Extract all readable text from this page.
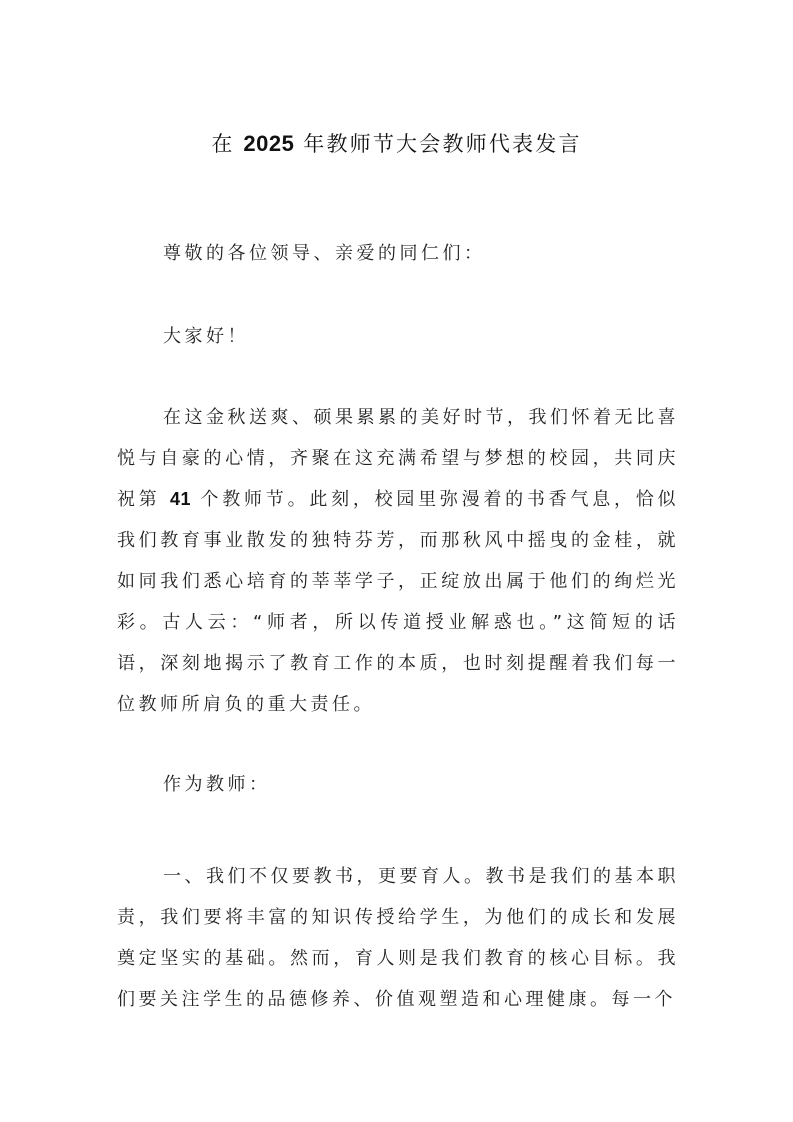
在 2025 年教师节大会教师代表发言

尊敬的各位领导、亲爱的同仁们：

大家好！

在这金秋送爽、硕果累累的美好时节，我们怀着无比喜悦与自豪的心情，齐聚在这充满希望与梦想的校园，共同庆祝第 41 个教师节。此刻，校园里弥漫着的书香气息，恰似我们教育事业散发的独特芬芳，而那秋风中摇曳的金桂，就如同我们悉心培育的莘莘学子，正绽放出属于他们的绚烂光彩。古人云：“师者，所以传道授业解惑也。”这简短的话语，深刻地揭示了教育工作的本质，也时刻提醒着我们每一位教师所肩负的重大责任。

作为教师：

一、我们不仅要教书，更要育人。教书是我们的基本职责，我们要将丰富的知识传授给学生，为他们的成长和发展奠定坚实的基础。然而，育人则是我们教育的核心目标。我们要关注学生的品德修养、价值观塑造和心理健康。每一个
